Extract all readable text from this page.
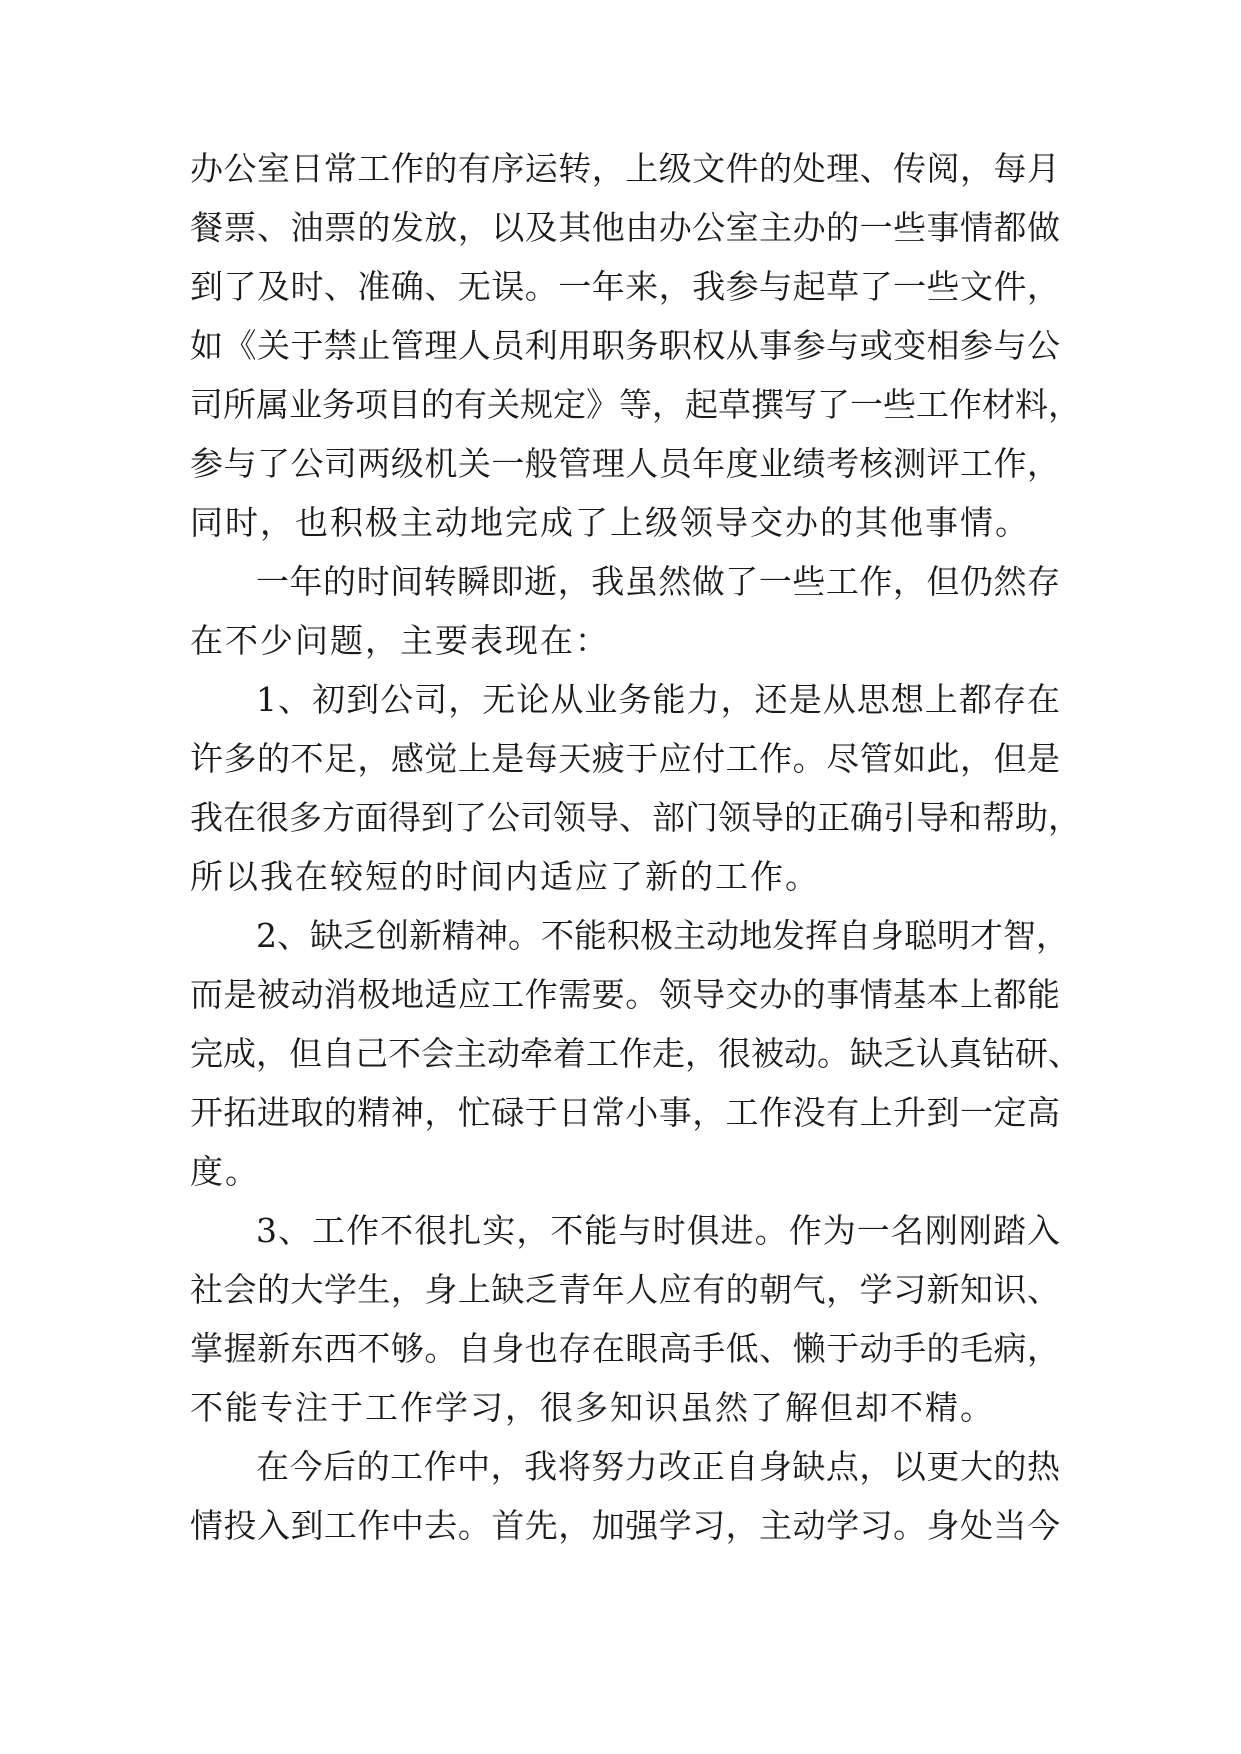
办公室日常工作的有序运转，上级文件的处理、传阅，每月
餐票、油票的发放，以及其他由办公室主办的一些事情都做
到了及时、准确、无误。一年来，我参与起草了一些文件，
如《关于禁止管理人员利用职务职权从事参与或变相参与公
司所属业务项目的有关规定》等，起草撰写了一些工作材料，
参与了公司两级机关一般管理人员年度业绩考核测评工作，
同时，也积极主动地完成了上级领导交办的其他事情。
一年的时间转瞬即逝，我虽然做了一些工作，但仍然存
在不少问题，主要表现在：
1、初到公司，无论从业务能力，还是从思想上都存在
许多的不足，感觉上是每天疲于应付工作。尽管如此，但是
我在很多方面得到了公司领导、部门领导的正确引导和帮助，
所以我在较短的时间内适应了新的工作。
2、缺乏创新精神。不能积极主动地发挥自身聪明才智，
而是被动消极地适应工作需要。领导交办的事情基本上都能
完成，但自己不会主动牵着工作走，很被动。缺乏认真钻研、
开拓进取的精神，忙碌于日常小事，工作没有上升到一定高
度。
3、工作不很扎实，不能与时俱进。作为一名刚刚踏入
社会的大学生，身上缺乏青年人应有的朝气，学习新知识、
掌握新东西不够。自身也存在眼高手低、懒于动手的毛病，
不能专注于工作学习，很多知识虽然了解但却不精。
在今后的工作中，我将努力改正自身缺点，以更大的热
情投入到工作中去。首先，加强学习，主动学习。身处当今
